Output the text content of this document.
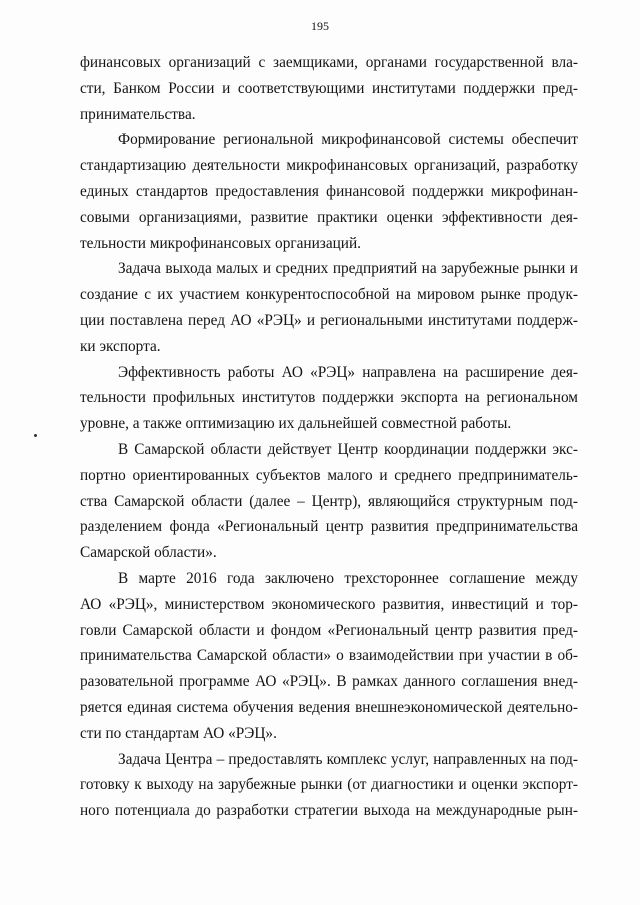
195

финансовых организаций с заемщиками, органами государственной вла-
сти, Банком России и соответствующими институтами поддержки пред-
принимательства.

Формирование региональной микрофинансовой системы обеспечит
стандартизацию деятельности микрофинансовых организаций, разработку
единых стандартов предоставления финансовой поддержки микрофинан-
совыми организациями, развитие практики оценки эффективности дея-
тельности микрофинансовых организаций.

Задача выхода малых и средних предприятий на зарубежные рынки и
создание с их участием конкурентоспособной на мировом рынке продук-
ции поставлена перед АО «РЭЦ» и региональными институтами поддерж-
ки экспорта.

Эффективность работы АО «РЭЦ» направлена на расширение дея-
тельности профильных институтов поддержки экспорта на региональном
уровне, а также оптимизацию их дальнейшей совместной работы.

В Самарской области действует Центр координации поддержки экс-
портно ориентированных субъектов малого и среднего предприниматель-
ства Самарской области (далее – Центр), являющийся структурным под-
разделением фонда «Региональный центр развития предпринимательства
Самарской области».

В марте 2016 года заключено трехстороннее соглашение между
АО «РЭЦ», министерством экономического развития, инвестиций и тор-
говли Самарской области и фондом «Региональный центр развития пред-
принимательства Самарской области» о взаимодействии при участии в об-
разовательной программе АО «РЭЦ». В рамках данного соглашения внед-
ряется единая система обучения ведения внешнеэкономической деятельно-
сти по стандартам АО «РЭЦ».

Задача Центра – предоставлять комплекс услуг, направленных на под-
готовку к выходу на зарубежные рынки (от диагностики и оценки экспорт-
ного потенциала до разработки стратегии выхода на международные рын-
